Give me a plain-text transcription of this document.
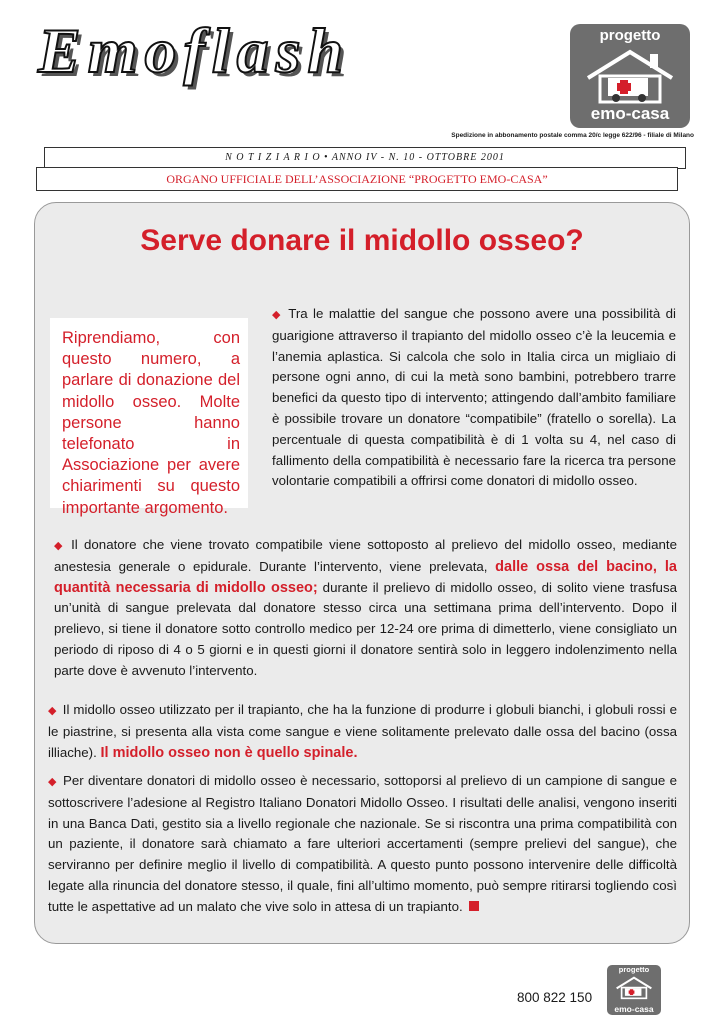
Emoflash	progetto
emo-casa
Spedizione in abbonamento postale comma 20/c legge 622/96 - filiale di Milano
N O T I Z I A R I O • ANNO IV - N. 10 - OTTOBRE 2001
ORGANO UFFICIALE DELL’ASSOCIAZIONE “PROGETTO EMO-CASA”
Serve donare il midollo osseo?
Riprendiamo, con questo numero, a parlare di donazione del midollo osseo. Molte persone hanno telefonato in Associazione per avere chiarimenti su questo importante argomento.
◆ Tra le malattie del sangue che possono avere una possibilità di guarigione attraverso il trapianto del midollo osseo c’è la leucemia e l’anemia aplastica. Si calcola che solo in Italia circa un migliaio di persone ogni anno, di cui la metà sono bambini, potrebbero trarre benefici da questo tipo di intervento; attingendo dall’ambito familiare è possibile trovare un donatore “compatibile” (fratello o sorella). La percentuale di questa compatibilità è di 1 volta su 4, nel caso di fallimento della compatibilità è necessario fare la ricerca tra persone volontarie compatibili a offrirsi come donatori di midollo osseo.
◆ Il donatore che viene trovato compatibile viene sottoposto al prelievo del midollo osseo, mediante anestesia generale o epidurale. Durante l’intervento, viene prelevata, dalle ossa del bacino, la quantità necessaria di midollo osseo; durante il prelievo di midollo osseo, di solito viene trasfusa un’unità di sangue prelevata dal donatore stesso circa una settimana prima dell’intervento. Dopo il prelievo, si tiene il donatore sotto controllo medico per 12-24 ore prima di dimetterlo, viene consigliato un periodo di riposo di 4 o 5 giorni e in questi giorni il donatore sentirà solo in leggero indolenzimento nella parte dove è avvenuto l’intervento.
◆ Il midollo osseo utilizzato per il trapianto, che ha la funzione di produrre i globuli bianchi, i globuli rossi e le piastrine, si presenta alla vista come sangue e viene solitamente prelevato dalle ossa del bacino (ossa illiache). Il midollo osseo non è quello spinale.
◆ Per diventare donatori di midollo osseo è necessario, sottoporsi al prelievo di un campione di sangue e sottoscrivere l’adesione al Registro Italiano Donatori Midollo Osseo. I risultati delle analisi, vengono inseriti in una Banca Dati, gestito sia a livello regionale che nazionale. Se si riscontra una prima compatibilità con un paziente, il donatore sarà chiamato a fare ulteriori accertamenti (sempre prelievi del sangue), che serviranno per definire meglio il livello di compatibilità. A questo punto possono intervenire delle difficoltà legate alla rinuncia del donatore stesso, il quale, fini all’ultimo momento, può sempre ritirarsi togliendo così tutte le aspettative ad un malato che vive solo in attesa di un trapianto.
800 822 150
progetto
emo-casa
